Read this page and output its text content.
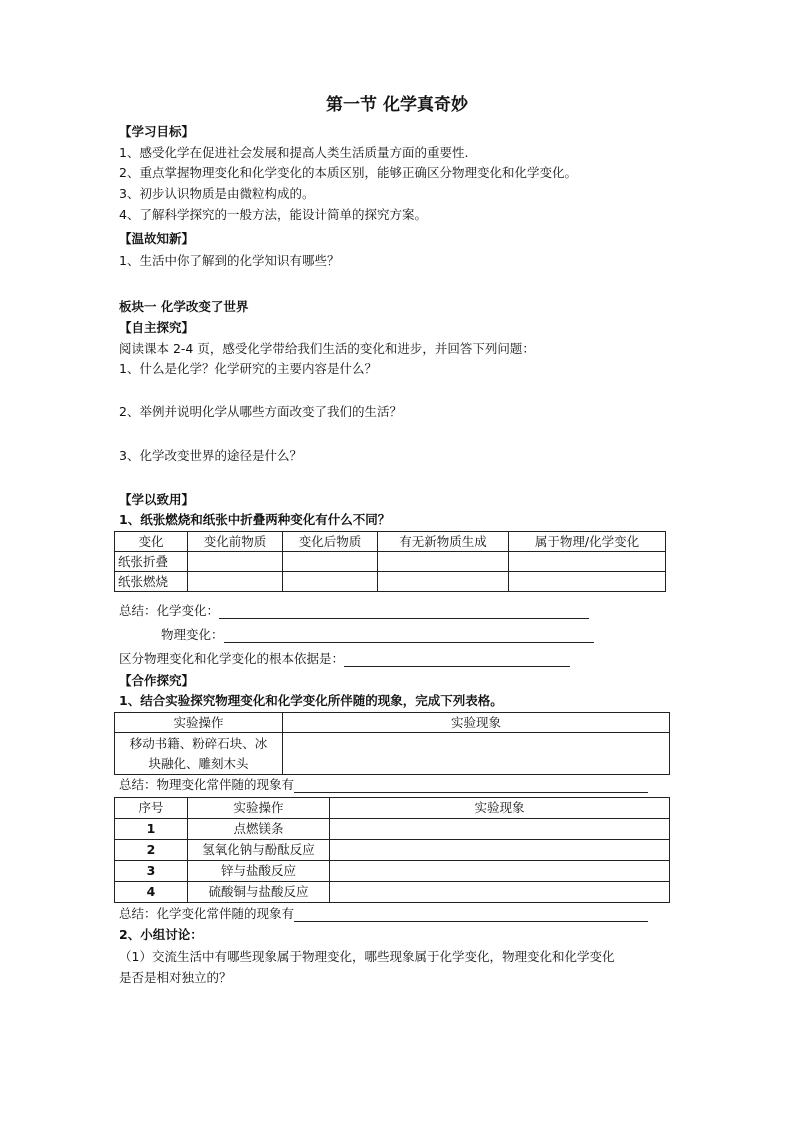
第一节 化学真奇妙
【学习目标】
1、感受化学在促进社会发展和提高人类生活质量方面的重要性.
2、重点掌握物理变化和化学变化的本质区别，能够正确区分物理变化和化学变化。
3、初步认识物质是由微粒构成的。
4、了解科学探究的一般方法，能设计简单的探究方案。
【温故知新】
1、生活中你了解到的化学知识有哪些？
板块一 化学改变了世界
【自主探究】
阅读课本 2-4 页，感受化学带给我们生活的变化和进步，并回答下列问题：
1、什么是化学？化学研究的主要内容是什么？
2、举例并说明化学从哪些方面改变了我们的生活？
3、化学改变世界的途径是什么？
【学以致用】
1、纸张燃烧和纸张中折叠两种变化有什么不同？
变化	变化前物质	变化后物质	有无新物质生成	属于物理/化学变化
纸张折叠				
纸张燃烧				
总结：化学变化：
物理变化：
区分物理变化和化学变化的根本依据是：
【合作探究】
1、结合实验探究物理变化和化学变化所伴随的现象，完成下列表格。
实验操作	实验现象
移动书籍、粉碎石块、冰
块融化、雕刻木头	
总结：物理变化常伴随的现象有
序号	实验操作	实验现象
1	点燃镁条	
2	氢氧化钠与酚酞反应	
3	锌与盐酸反应	
4	硫酸铜与盐酸反应	
总结：化学变化常伴随的现象有
2、小组讨论：
（1）交流生活中有哪些现象属于物理变化，哪些现象属于化学变化，物理变化和化学变化
是否是相对独立的？
